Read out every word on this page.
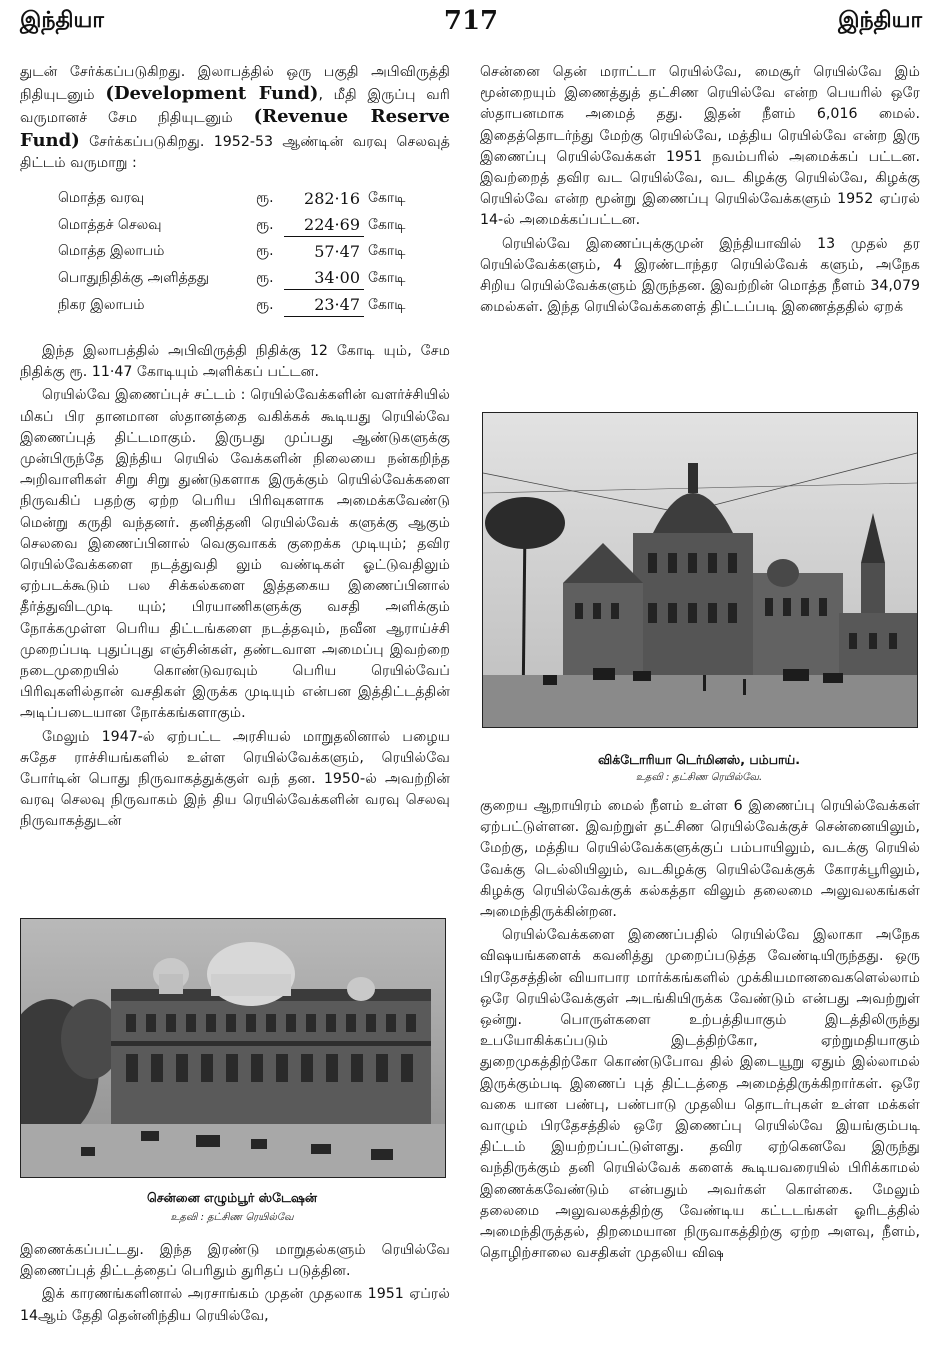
இந்தியா	717	இந்தியா

துடன் சேர்க்கப்படுகிறது. இலாபத்தில் ஒரு பகுதி அபிவிருத்தி நிதியுடனும் (Development Fund), மீதி இருப்பு வரி வருமானச் சேம நிதியுடனும் (Revenue Reserve Fund) சேர்க்கப்படுகிறது. 1952-53 ஆண்டின் வரவு செலவுத் திட்டம் வருமாறு :

மொத்த வரவு	ரூ.	282·16	கோடி
மொத்தச் செலவு	ரூ.	224·69	கோடி
மொத்த இலாபம்	ரூ.	57·47	கோடி
பொதுநிதிக்கு அளித்தது	ரூ.	34·00	கோடி
நிகர இலாபம்	ரூ.	23·47	கோடி

இந்த இலாபத்தில் அபிவிருத்தி நிதிக்கு 12 கோடி யும், சேம நிதிக்கு ரூ. 11·47 கோடியும் அளிக்கப் பட்டன.

ரெயில்வே இணைப்புச் சட்டம் : ரெயில்வேக்களின் வளர்ச்சியில் மிகப் பிர தானமான ஸ்தானத்தை வகிக்கக் கூடியது ரெயில்வே இணைப்புத் திட்டமாகும். இருபது முப்பது ஆண்டுகளுக்கு முன்பிருந்தே இந்திய ரெயில் வேக்களின் நிலையை நன்கறிந்த அறிவாளிகள் சிறு சிறு துண்டுகளாக இருக்கும் ரெயில்வேக்களை நிருவகிப் பதற்கு ஏற்ற பெரிய பிரிவுகளாக அமைக்கவேண்டு மென்று கருதி வந்தனர். தனித்தனி ரெயில்வேக் களுக்கு ஆகும் செலவை இணைப்பினால் வெகுவாகக் குறைக்க முடியும்; தவிர ரெயில்வேக்களை நடத்துவதி லும் வண்டிகள் ஓட்டுவதிலும் ஏற்படக்கூடும் பல சிக்கல்களை இத்தகைய இணைப்பினால் தீர்த்துவிடமுடி யும்; பிரயாணிகளுக்கு வசதி அளிக்கும் நோக்கமுள்ள பெரிய திட்டங்களை நடத்தவும், நவீன ஆராய்ச்சி முறைப்படி புதுப்புது எஞ்சின்கள், தண்டவாள அமைப்பு இவற்றை நடைமுறையில் கொண்டுவரவும் பெரிய ரெயில்வேப் பிரிவுகளில்தான் வசதிகள் இருக்க முடியும் என்பன இத்திட்டத்தின் அடிப்படையான நோக்கங்களாகும்.

மேலும் 1947-ல் ஏற்பட்ட அரசியல் மாறுதலினால் பழைய சுதேச ராச்சியங்களில் உள்ள ரெயில்வேக்களும், ரெயில்வே போர்டின் பொது நிருவாகத்துக்குள் வந் தன. 1950-ல் அவற்றின் வரவு செலவு நிருவாகம் இந் திய ரெயில்வேக்களின் வரவு செலவு நிருவாகத்துடன்

சென்னை எழும்பூர் ஸ்டேஷன்
உதவி : தட்சிண ரெயில்வே

இணைக்கப்பட்டது. இந்த இரண்டு மாறுதல்களும் ரெயில்வே இணைப்புத் திட்டத்தைப் பெரிதும் துரிதப் படுத்தின.

இக் காரணங்களினால் அரசாங்கம் முதன் முதலாக 1951 ஏப்ரல் 14ஆம் தேதி தென்னிந்திய ரெயில்வே,

சென்னை தென் மராட்டா ரெயில்வே, மைசூர் ரெயில்வே இம் மூன்றையும் இணைத்துத் தட்சிண ரெயில்வே என்ற பெயரில் ஒரே ஸ்தாபனமாக அமைத் தது. இதன் நீளம் 6,016 மைல். இதைத்தொடர்ந்து மேற்கு ரெயில்வே, மத்திய ரெயில்வே என்ற இரு இணைப்பு ரெயில்வேக்கள் 1951 நவம்பரில் அமைக்கப் பட்டன. இவற்றைத் தவிர வட ரெயில்வே, வட கிழக்கு ரெயில்வே, கிழக்கு ரெயில்வே என்ற மூன்று இணைப்பு ரெயில்வேக்களும் 1952 ஏப்ரல் 14-ல் அமைக்கப்பட்டன.

ரெயில்வே இணைப்புக்குமுன் இந்தியாவில் 13 முதல் தர ரெயில்வேக்களும், 4 இரண்டாந்தர ரெயில்வேக் களும், அநேக சிறிய ரெயில்வேக்களும் இருந்தன. இவற்றின் மொத்த நீளம் 34,079 மைல்கள். இந்த ரெயில்வேக்களைத் திட்டப்படி இணைத்ததில் ஏறக்

விக்டோரியா டெர்மினஸ், பம்பாய்.
உதவி : தட்சிண ரெயில்வே.

குறைய ஆறாயிரம் மைல் நீளம் உள்ள 6 இணைப்பு ரெயில்வேக்கள் ஏற்பட்டுள்ளன. இவற்றுள் தட்சிண ரெயில்வேக்குச் சென்னையிலும், மேற்கு, மத்திய ரெயில்வேக்களுக்குப் பம்பாயிலும், வடக்கு ரெயில் வேக்கு டெல்லியிலும், வடகிழக்கு ரெயில்வேக்குக் கோரக்பூரிலும், கிழக்கு ரெயில்வேக்குக் கல்கத்தா விலும் தலைமை அலுவலகங்கள் அமைந்திருக்கின்றன.

ரெயில்வேக்களை இணைப்பதில் ரெயில்வே இலாகா அநேக விஷயங்களைக் கவனித்து முறைப்படுத்த வேண்டியிருந்தது. ஒரு பிரதேசத்தின் வியாபார மார்க்கங்களில் முக்கியமானவைகளெல்லாம் ஒரே ரெயில்வேக்குள் அடங்கியிருக்க வேண்டும் என்பது அவற்றுள் ஒன்று. பொருள்களை உற்பத்தியாகும் இடத்திலிருந்து உபயோகிக்கப்படும் இடத்திற்கோ, ஏற்றுமதியாகும் துறைமுகத்திற்கோ கொண்டுபோவ தில் இடையூறு ஏதும் இல்லாமல் இருக்கும்படி இணைப் புத் திட்டத்தை அமைத்திருக்கிறார்கள். ஒரே வகை யான பண்பு, பண்பாடு முதலிய தொடர்புகள் உள்ள மக்கள் வாழும் பிரதேசத்தில் ஒரே இணைப்பு ரெயில்வே இயங்கும்படி திட்டம் இயற்றப்பட்டுள்ளது. தவிர ஏற்கெனவே இருந்து வந்திருக்கும் தனி ரெயில்வேக் களைக் கூடியவரையில் பிரிக்காமல் இணைக்கவேண்டும் என்பதும் அவர்கள் கொள்கை. மேலும் தலைமை அலுவலகத்திற்கு வேண்டிய கட்டடங்கள் ஓரிடத்தில் அமைந்திருத்தல், திறமையான நிருவாகத்திற்கு ஏற்ற அளவு, நீளம், தொழிற்சாலை வசதிகள் முதலிய விஷ
